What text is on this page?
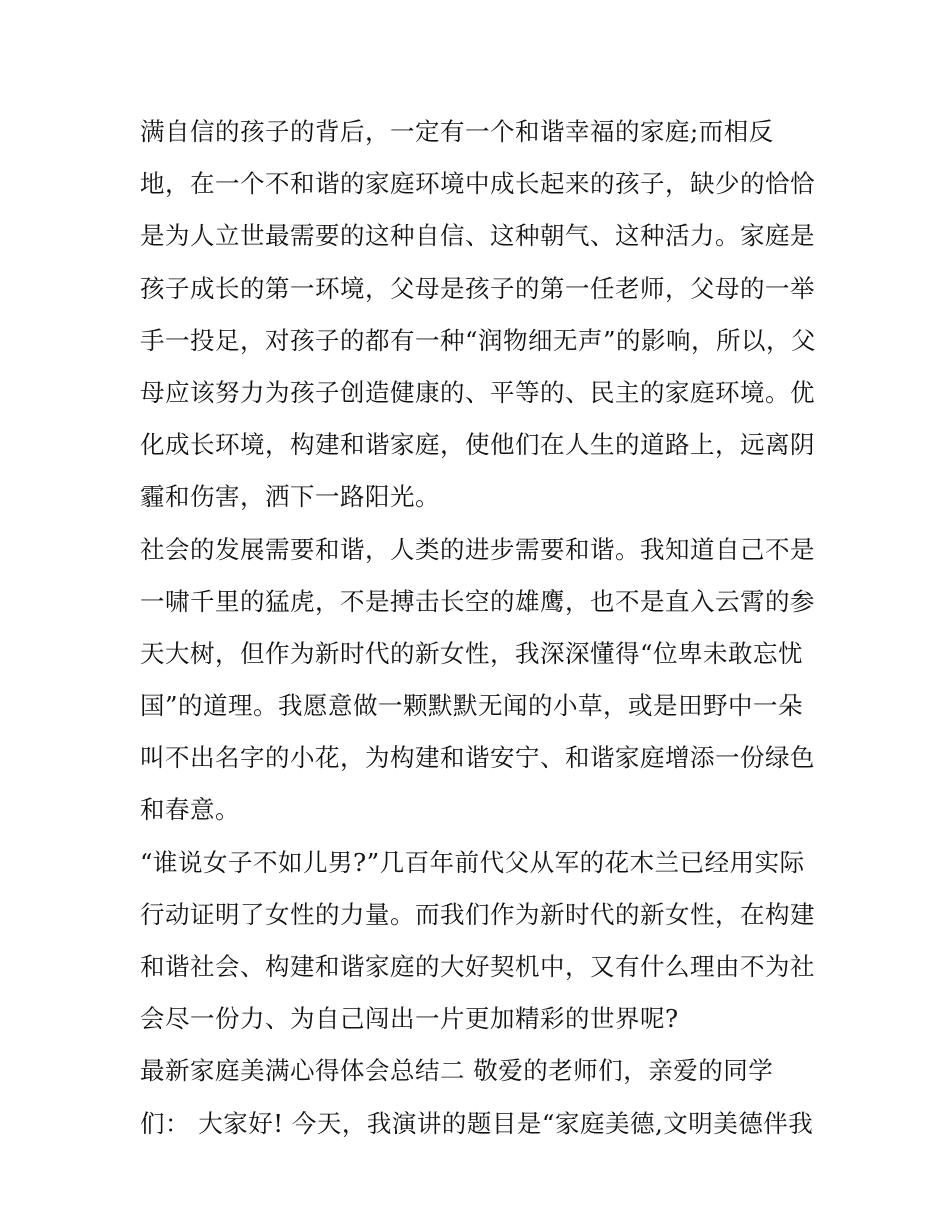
满自信的孩子的背后，一定有一个和谐幸福的家庭;而相反
地，在一个不和谐的家庭环境中成长起来的孩子，缺少的恰恰
是为人立世最需要的这种自信、这种朝气、这种活力。家庭是
孩子成长的第一环境，父母是孩子的第一任老师，父母的一举
手一投足，对孩子的都有一种“润物细无声”的影响，所以，父
母应该努力为孩子创造健康的、平等的、民主的家庭环境。优
化成长环境，构建和谐家庭，使他们在人生的道路上，远离阴
霾和伤害，洒下一路阳光。
社会的发展需要和谐，人类的进步需要和谐。我知道自己不是
一啸千里的猛虎，不是搏击长空的雄鹰，也不是直入云霄的参
天大树，但作为新时代的新女性，我深深懂得“位卑未敢忘忧
国”的道理。我愿意做一颗默默无闻的小草，或是田野中一朵
叫不出名字的小花，为构建和谐安宁、和谐家庭增添一份绿色
和春意。
“谁说女子不如儿男?”几百年前代父从军的花木兰已经用实际
行动证明了女性的力量。而我们作为新时代的新女性，在构建
和谐社会、构建和谐家庭的大好契机中，又有什么理由不为社
会尽一份力、为自己闯出一片更加精彩的世界呢?
最新家庭美满心得体会总结二 敬爱的老师们，亲爱的同学
们： 大家好! 今天，我演讲的题目是“家庭美德,文明美德伴我
